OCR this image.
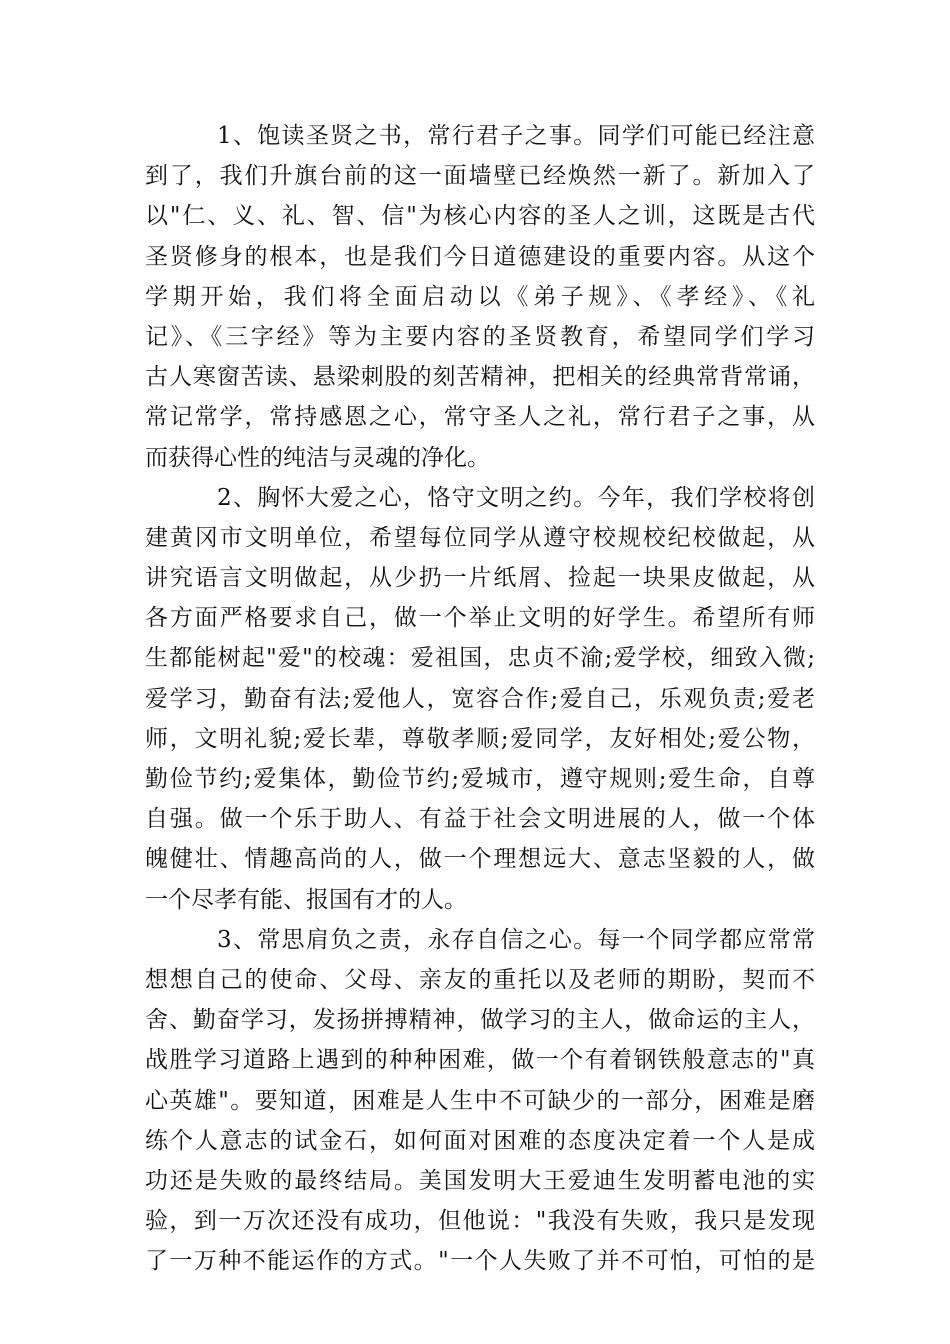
1、饱读圣贤之书，常行君子之事。同学们可能已经注意
到了，我们升旗台前的这一面墙壁已经焕然一新了。新加入了
以"仁、义、礼、智、信"为核心内容的圣人之训，这既是古代
圣贤修身的根本，也是我们今日道德建设的重要内容。从这个
学期开始，我们将全面启动以《弟子规》、《孝经》、《礼
记》、《三字经》等为主要内容的圣贤教育，希望同学们学习
古人寒窗苦读、悬梁刺股的刻苦精神，把相关的经典常背常诵，
常记常学，常持感恩之心，常守圣人之礼，常行君子之事，从
而获得心性的纯洁与灵魂的净化。
2、胸怀大爱之心，恪守文明之约。今年，我们学校将创
建黄冈市文明单位，希望每位同学从遵守校规校纪校做起，从
讲究语言文明做起，从少扔一片纸屑、捡起一块果皮做起，从
各方面严格要求自己，做一个举止文明的好学生。希望所有师
生都能树起"爱"的校魂：爱祖国，忠贞不渝;爱学校，细致入微;
爱学习，勤奋有法;爱他人，宽容合作;爱自己，乐观负责;爱老
师，文明礼貌;爱长辈，尊敬孝顺;爱同学，友好相处;爱公物，
勤俭节约;爱集体，勤俭节约;爱城市，遵守规则;爱生命，自尊
自强。做一个乐于助人、有益于社会文明进展的人，做一个体
魄健壮、情趣高尚的人，做一个理想远大、意志坚毅的人，做
一个尽孝有能、报国有才的人。
3、常思肩负之责，永存自信之心。每一个同学都应常常
想想自己的使命、父母、亲友的重托以及老师的期盼，契而不
舍、勤奋学习，发扬拼搏精神，做学习的主人，做命运的主人，
战胜学习道路上遇到的种种困难，做一个有着钢铁般意志的"真
心英雄"。要知道，困难是人生中不可缺少的一部分，困难是磨
练个人意志的试金石，如何面对困难的态度决定着一个人是成
功还是失败的最终结局。美国发明大王爱迪生发明蓄电池的实
验，到一万次还没有成功，但他说："我没有失败，我只是发现
了一万种不能运作的方式。"一个人失败了并不可怕，可怕的是
